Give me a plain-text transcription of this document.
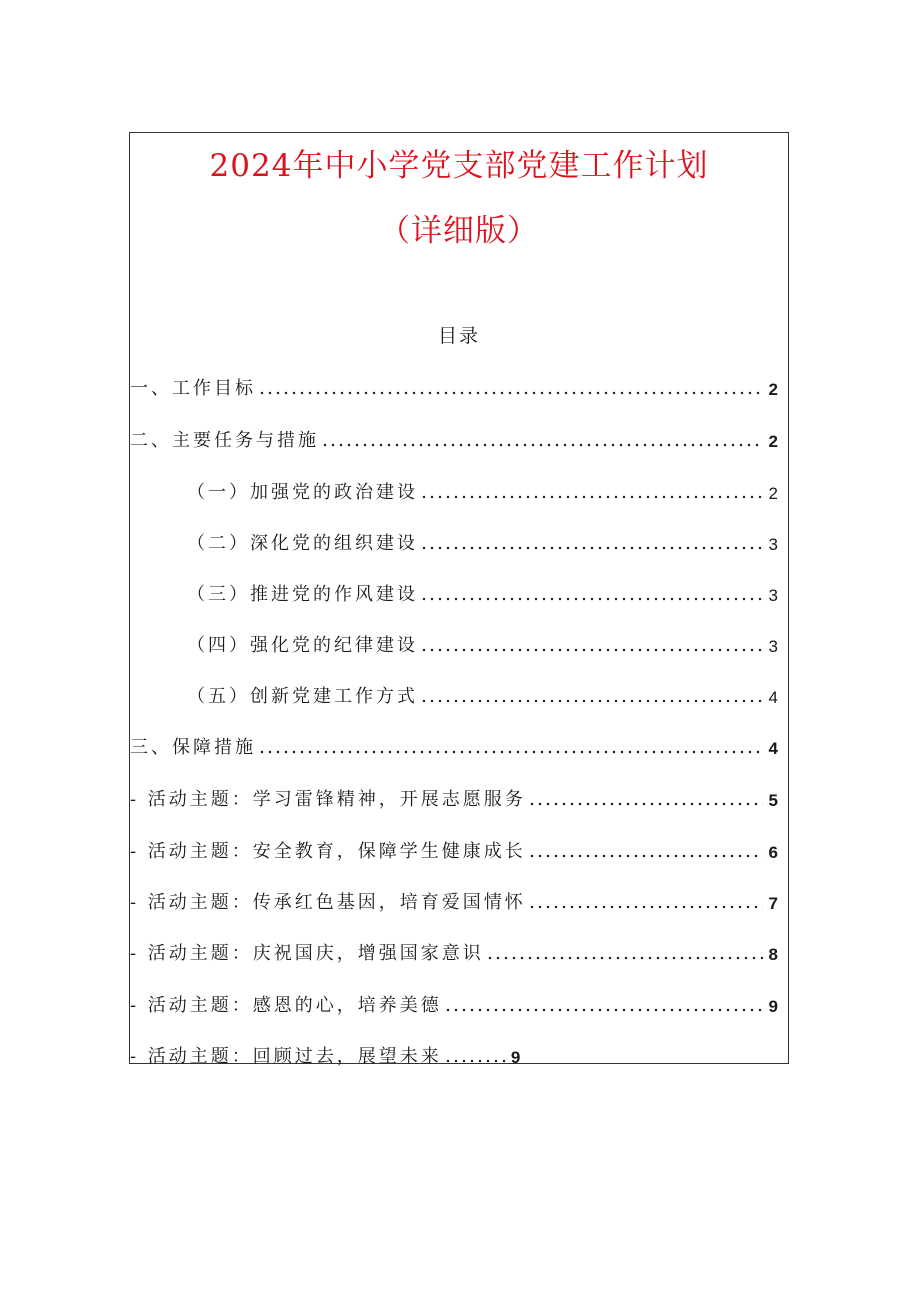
2024年中小学党支部党建工作计划
（详细版）
目录
一、工作目标	2
二、主要任务与措施	2
（一）加强党的政治建设	2
（二）深化党的组织建设	3
（三）推进党的作风建设	3
（四）强化党的纪律建设	3
（五）创新党建工作方式	4
三、保障措施	4
- 活动主题：学习雷锋精神，开展志愿服务	5
- 活动主题：安全教育，保障学生健康成长	6
- 活动主题：传承红色基因，培育爱国情怀	7
- 活动主题：庆祝国庆，增强国家意识	8
- 活动主题：感恩的心，培养美德	9
- 活动主题：回顾过去，展望未来	9
